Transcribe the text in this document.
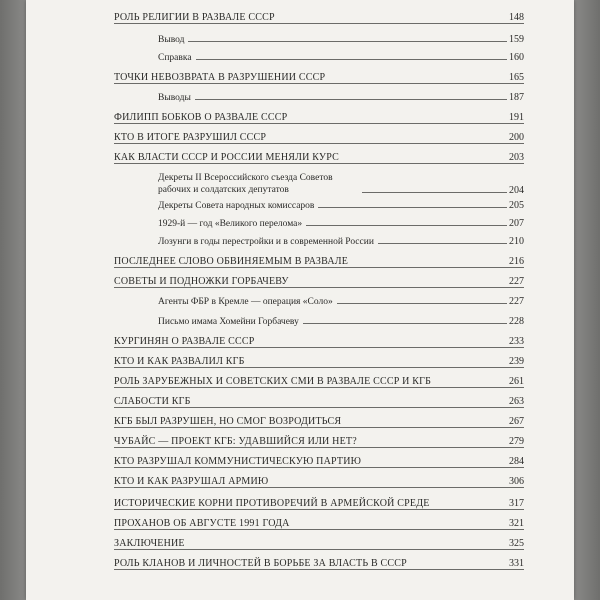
РОЛЬ РЕЛИГИИ В РАЗВАЛЕ СССР	148
Вывод	159
Справка	160
ТОЧКИ НЕВОЗВРАТА В РАЗРУШЕНИИ СССР	165
Выводы	187
ФИЛИПП БОБКОВ О РАЗВАЛЕ СССР	191
КТО В ИТОГЕ РАЗРУШИЛ СССР	200
КАК ВЛАСТИ СССР И РОССИИ МЕНЯЛИ КУРС	203
Декреты II Всероссийского съезда Советов рабочих и солдатских депутатов	204
Декреты Совета народных комиссаров	205
1929-й — год «Великого перелома»	207
Лозунги в годы перестройки и в современной России	210
ПОСЛЕДНЕЕ СЛОВО ОБВИНЯЕМЫМ В РАЗВАЛЕ	216
СОВЕТЫ И ПОДНОЖКИ ГОРБАЧЕВУ	227
Агенты ФБР в Кремле — операция «Соло»	227
Письмо имама Хомейни Горбачеву	228
КУРГИНЯН О РАЗВАЛЕ СССР	233
КТО И КАК РАЗВАЛИЛ КГБ	239
РОЛЬ ЗАРУБЕЖНЫХ И СОВЕТСКИХ СМИ В РАЗВАЛЕ СССР И КГБ	261
СЛАБОСТИ КГБ	263
КГБ БЫЛ РАЗРУШЕН, НО СМОГ ВОЗРОДИТЬСЯ	267
ЧУБАЙС — ПРОЕКТ КГБ: УДАВШИЙСЯ ИЛИ НЕТ?	279
КТО РАЗРУШАЛ КОММУНИСТИЧЕСКУЮ ПАРТИЮ	284
КТО И КАК РАЗРУШАЛ АРМИЮ	306
ИСТОРИЧЕСКИЕ КОРНИ ПРОТИВОРЕЧИЙ В АРМЕЙСКОЙ СРЕДЕ	317
ПРОХАНОВ ОБ АВГУСТЕ 1991 ГОДА	321
ЗАКЛЮЧЕНИЕ	325
РОЛЬ КЛАНОВ И ЛИЧНОСТЕЙ В БОРЬБЕ ЗА ВЛАСТЬ В СССР	331
